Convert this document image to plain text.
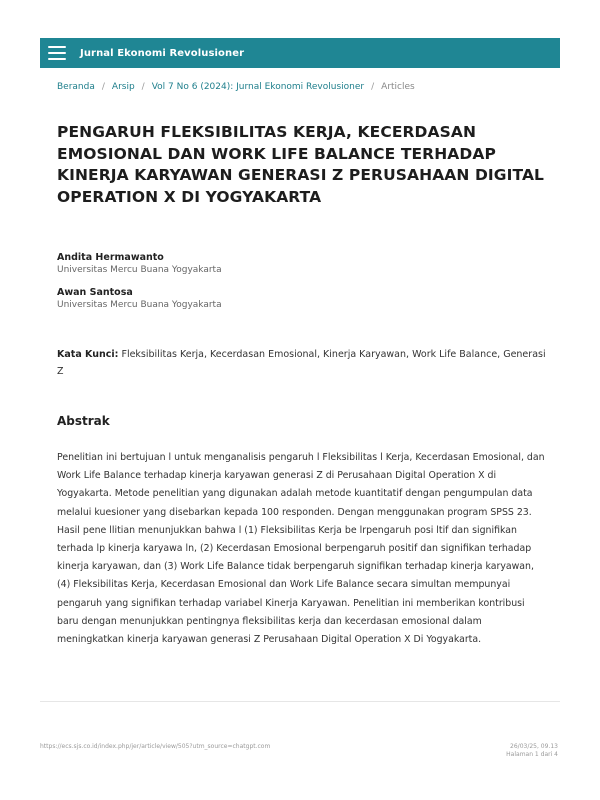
Jurnal Ekonomi Revolusioner
Beranda / Arsip / Vol 7 No 6 (2024): Jurnal Ekonomi Revolusioner / Articles
PENGARUH FLEKSIBILITAS KERJA, KECERDASAN EMOSIONAL DAN WORK LIFE BALANCE TERHADAP KINERJA KARYAWAN GENERASI Z PERUSAHAAN DIGITAL OPERATION X DI YOGYAKARTA
Andita Hermawanto
Universitas Mercu Buana Yogyakarta
Awan Santosa
Universitas Mercu Buana Yogyakarta
Kata Kunci: Fleksibilitas Kerja, Kecerdasan Emosional, Kinerja Karyawan, Work Life Balance, Generasi Z
Abstrak

Penelitian ini bertujuan l untuk menganalisis pengaruh l Fleksibilitas l Kerja, Kecerdasan Emosional, dan Work Life Balance terhadap kinerja karyawan generasi Z di Perusahaan Digital Operation X di Yogyakarta. Metode penelitian yang digunakan adalah metode kuantitatif dengan pengumpulan data melalui kuesioner yang disebarkan kepada 100 responden. Dengan menggunakan program SPSS 23. Hasil pene llitian menunjukkan bahwa l (1) Fleksibilitas Kerja be lrpengaruh posi ltif dan signifikan terhada lp kinerja karyawa ln, (2) Kecerdasan Emosional berpengaruh positif dan signifikan terhadap kinerja karyawan, dan (3) Work Life Balance tidak berpengaruh signifikan terhadap kinerja karyawan, (4) Fleksibilitas Kerja, Kecerdasan Emosional dan Work Life Balance secara simultan mempunyai pengaruh yang signifikan terhadap variabel Kinerja Karyawan. Penelitian ini memberikan kontribusi baru dengan menunjukkan pentingnya fleksibilitas kerja dan kecerdasan emosional dalam meningkatkan kinerja karyawan generasi Z Perusahaan Digital Operation X Di Yogyakarta.

https://ecs.sjs.co.id/index.php/jer/article/view/505?utm_source=chatgpt.com	26/03/25, 09.13
Halaman 1 dari 4
